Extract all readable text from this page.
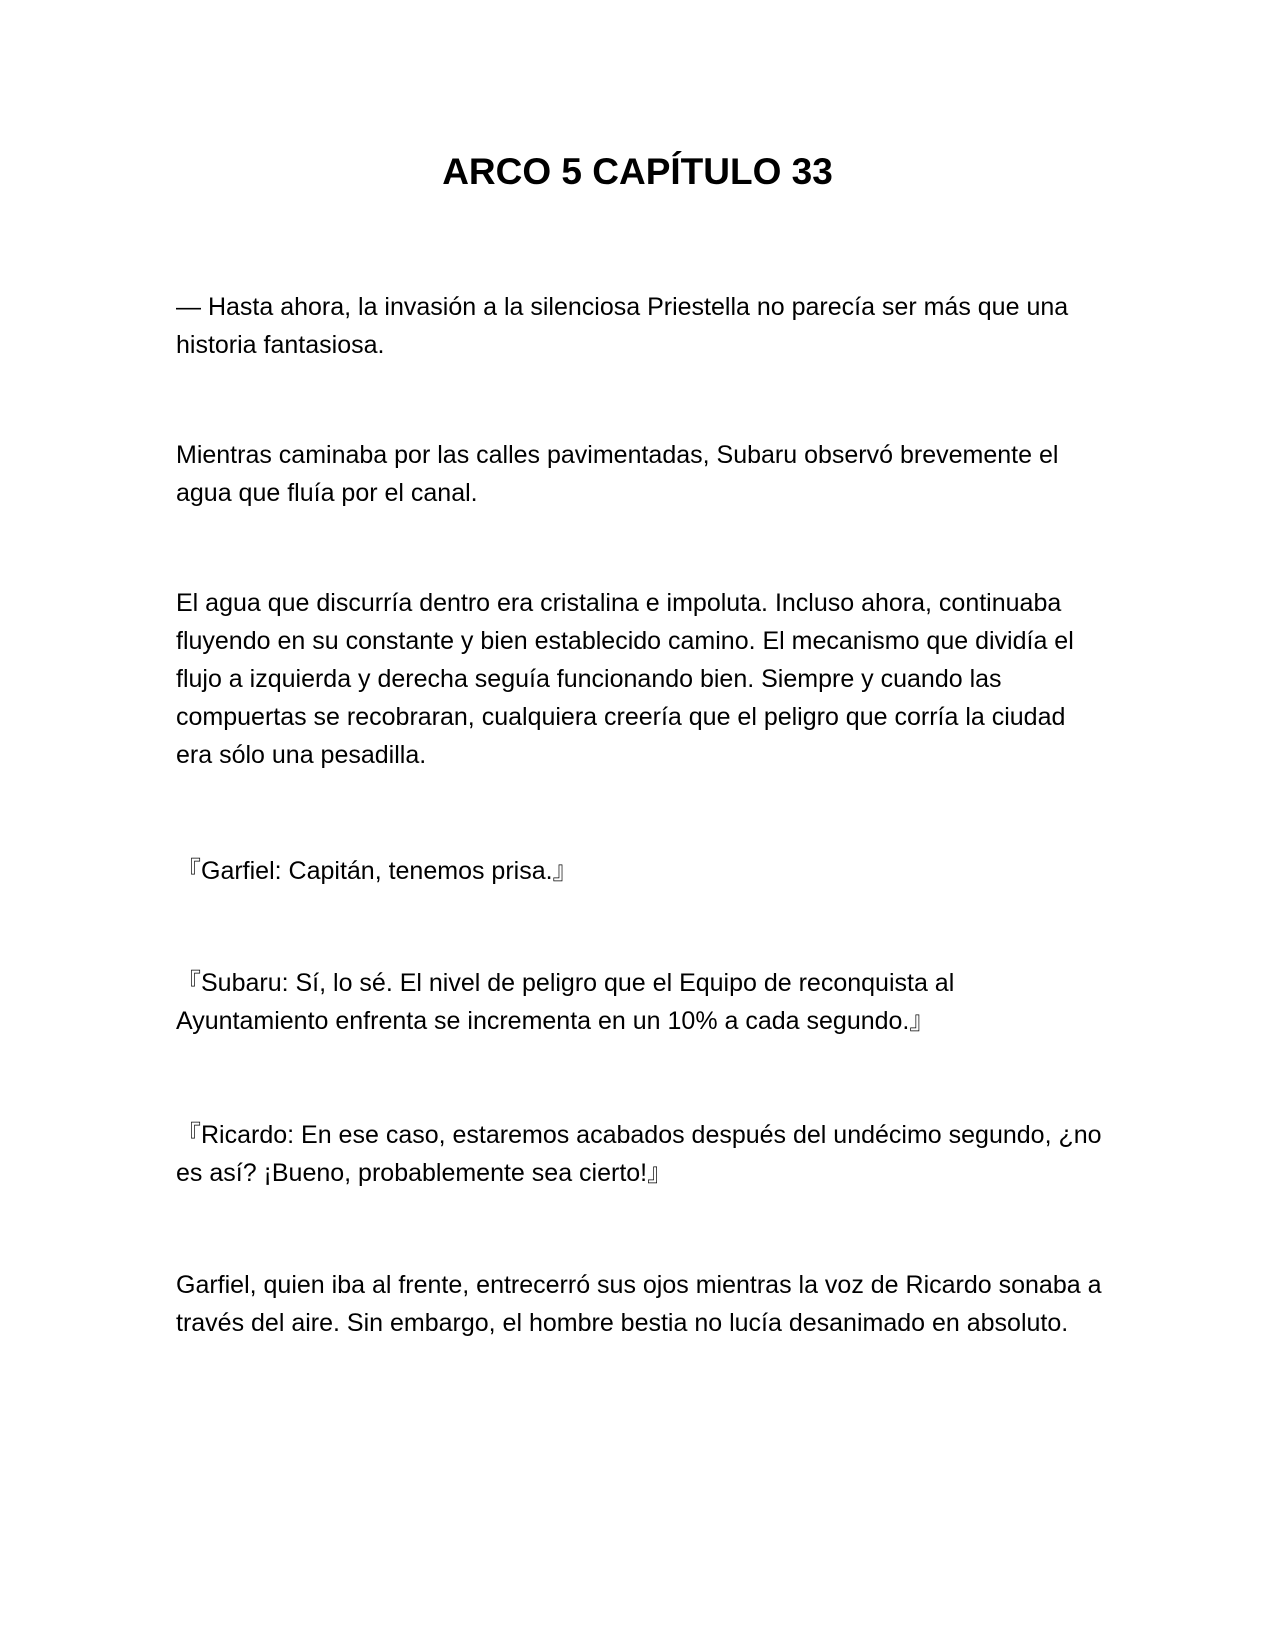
ARCO 5 CAPÍTULO 33

— Hasta ahora, la invasión a la silenciosa Priestella no parecía ser más que una historia fantasiosa.

Mientras caminaba por las calles pavimentadas, Subaru observó brevemente el agua que fluía por el canal.

El agua que discurría dentro era cristalina e impoluta. Incluso ahora, continuaba fluyendo en su constante y bien establecido camino. El mecanismo que dividía el flujo a izquierda y derecha seguía funcionando bien. Siempre y cuando las compuertas se recobraran, cualquiera creería que el peligro que corría la ciudad era sólo una pesadilla.

『Garfiel: Capitán, tenemos prisa.』

『Subaru: Sí, lo sé. El nivel de peligro que el Equipo de reconquista al Ayuntamiento enfrenta se incrementa en un 10% a cada segundo.』

『Ricardo: En ese caso, estaremos acabados después del undécimo segundo, ¿no es así? ¡Bueno, probablemente sea cierto!』

Garfiel, quien iba al frente, entrecerró sus ojos mientras la voz de Ricardo sonaba a través del aire. Sin embargo, el hombre bestia no lucía desanimado en absoluto.
